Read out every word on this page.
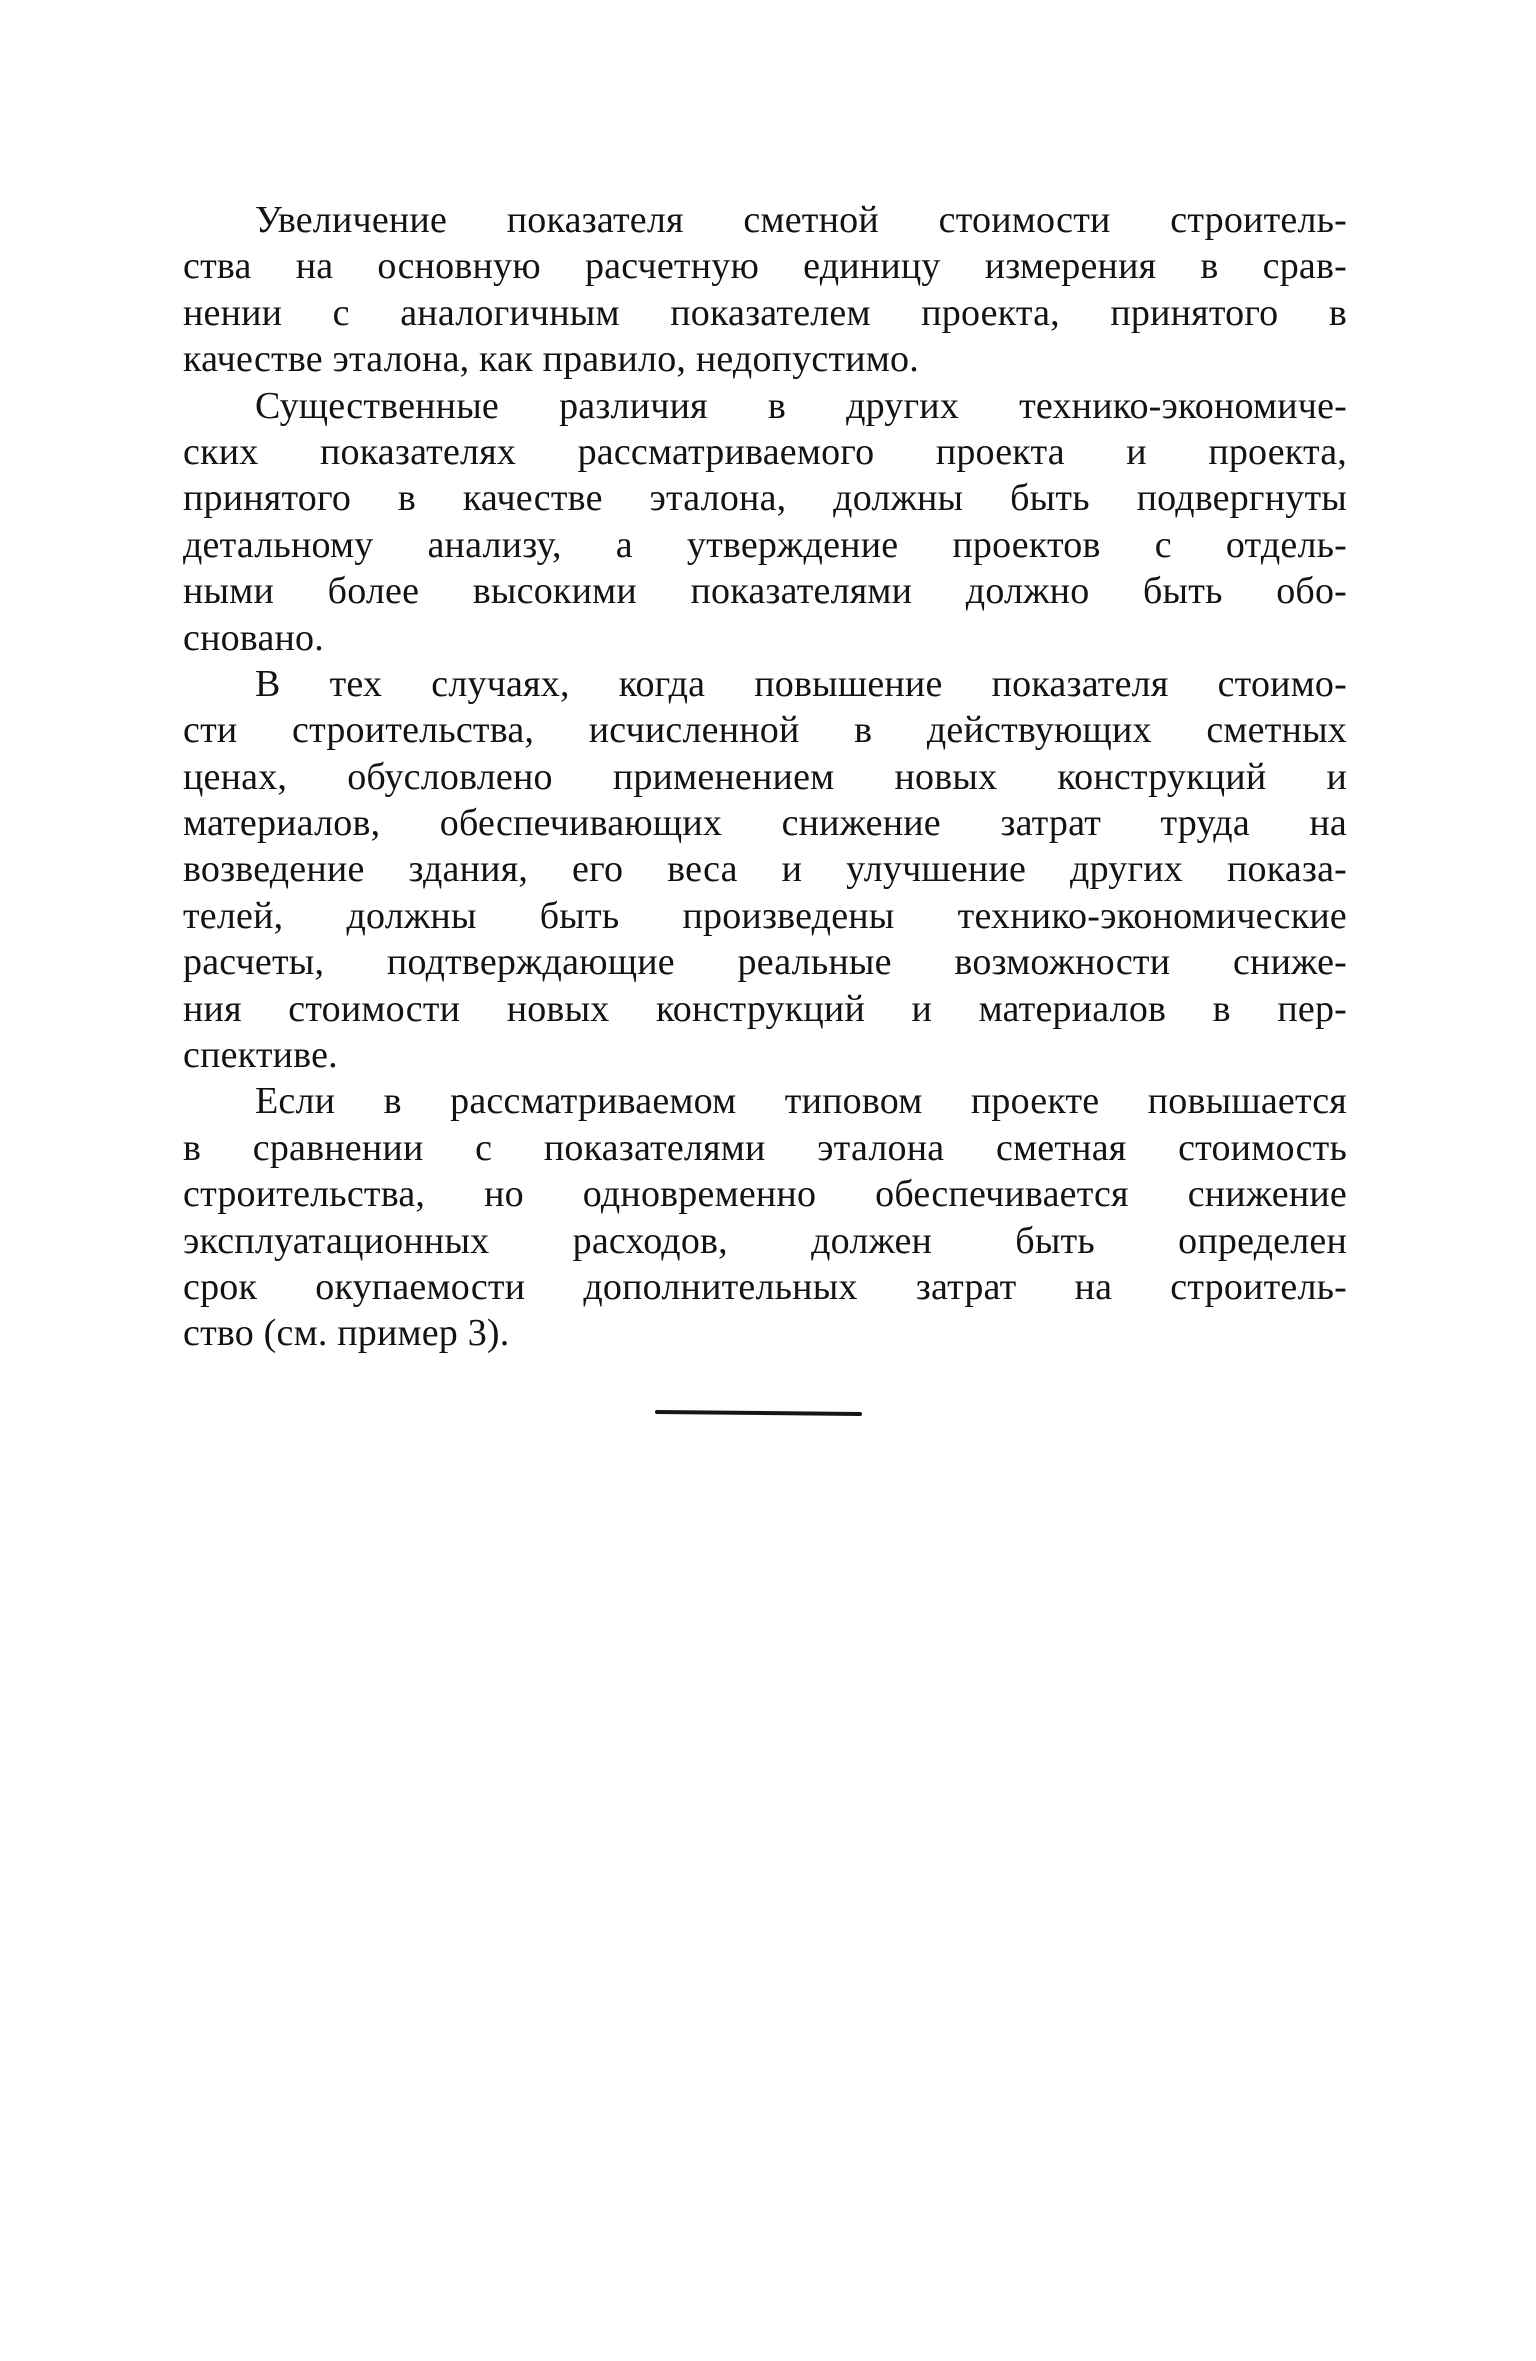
Увеличение показателя сметной стоимости строитель-
ства на основную расчетную единицу измерения в срав-
нении с аналогичным показателем проекта, принятого в
качестве эталона, как правило, недопустимо.
Существенные различия в других технико-экономиче-
ских показателях рассматриваемого проекта и проекта,
принятого в качестве эталона, должны быть подвергнуты
детальному анализу, а утверждение проектов с отдель-
ными более высокими показателями должно быть обо-
сновано.
В тех случаях, когда повышение показателя стоимо-
сти строительства, исчисленной в действующих сметных
ценах, обусловлено применением новых конструкций и
материалов, обеспечивающих снижение затрат труда на
возведение здания, его веса и улучшение других показа-
телей, должны быть произведены технико-экономические
расчеты, подтверждающие реальные возможности сниже-
ния стоимости новых конструкций и материалов в пер-
спективе.
Если в рассматриваемом типовом проекте повышается
в сравнении с показателями эталона сметная стоимость
строительства, но одновременно обеспечивается снижение
эксплуатационных расходов, должен быть определен
срок окупаемости дополнительных затрат на строитель-
ство (см. пример 3).
